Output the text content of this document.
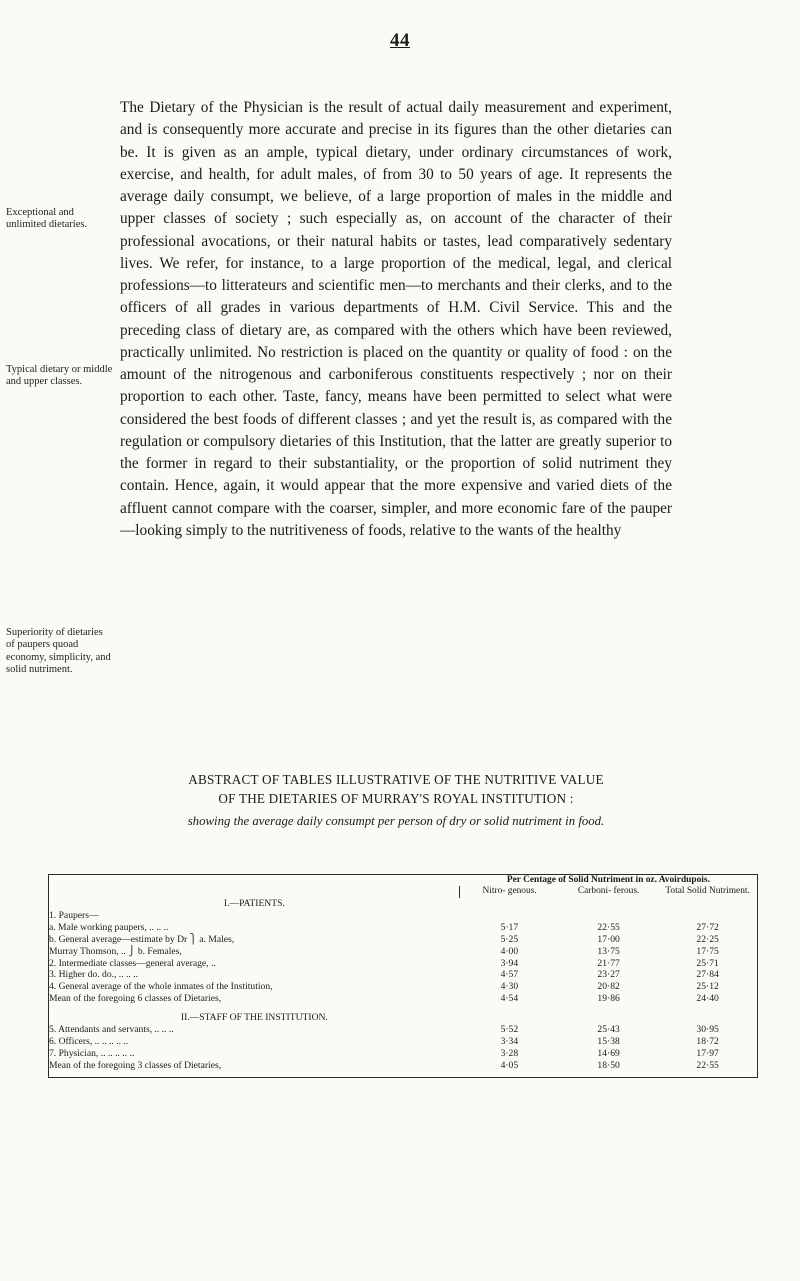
44
Exceptional and unlimited dietaries.
Typical dietary or middle and upper classes.
Superiority of dietaries of paupers quoad economy, simplicity, and solid nutriment.

The Dietary of the Physician is the result of actual daily measurement and experiment, and is consequently more accurate and precise in its figures than the other dietaries can be. It is given as an ample, typical dietary, under ordinary circumstances of work, exercise, and health, for adult males, of from 30 to 50 years of age. It represents the average daily consumpt, we believe, of a large proportion of males in the middle and upper classes of society ; such especially as, on account of the character of their professional avocations, or their natural habits or tastes, lead comparatively sedentary lives. We refer, for instance, to a large proportion of the medical, legal, and clerical professions—to litterateurs and scientific men—to merchants and their clerks, and to the officers of all grades in various departments of H.M. Civil Service. This and the preceding class of dietary are, as compared with the others which have been reviewed, practically unlimited. No restriction is placed on the quantity or quality of food : on the amount of the nitrogenous and carboniferous constituents respectively ; nor on their proportion to each other. Taste, fancy, means have been permitted to select what were considered the best foods of different classes ; and yet the result is, as compared with the regulation or compulsory dietaries of this Institution, that the latter are greatly superior to the former in regard to their substantiality, or the proportion of solid nutriment they contain. Hence, again, it would appear that the more expensive and varied diets of the affluent cannot compare with the coarser, simpler, and more economic fare of the pauper—looking simply to the nutritiveness of foods, relative to the wants of the healthy

ABSTRACT OF TABLES ILLUSTRATIVE OF THE NUTRITIVE VALUE
OF THE DIETARIES OF MURRAY'S ROYAL INSTITUTION :
showing the average daily consumpt per person of dry or solid nutriment in food.
	Per Centage of Solid Nutriment in oz. Avoirdupois.		
	Nitro- genous.	Carboni- ferous.	Total Solid Nutriment.
I.—PATIENTS.			
1. Paupers—			
a. Male working paupers, .. .. ..	5·17	22·55	27·72
b. General average—estimate by Dr ⎫ a. Males,	5·25	17·00	22·25
Murray Thomson, .. ⎭ b. Females,	4·00	13·75	17·75
2. Intermediate classes—general average, ..	3·94	21·77	25·71
3. Higher do. do., .. .. ..	4·57	23·27	27·84
4. General average of the whole inmates of the Institution,	4·30	20·82	25·12
Mean of the foregoing 6 classes of Dietaries,	4·54	19·86	24·40

II.—STAFF OF THE INSTITUTION.			
5. Attendants and servants, .. .. ..	5·52	25·43	30·95
6. Officers, .. .. .. .. ..	3·34	15·38	18·72
7. Physician, .. .. .. .. ..	3·28	14·69	17·97
Mean of the foregoing 3 classes of Dietaries,	4·05	18·50	22·55
